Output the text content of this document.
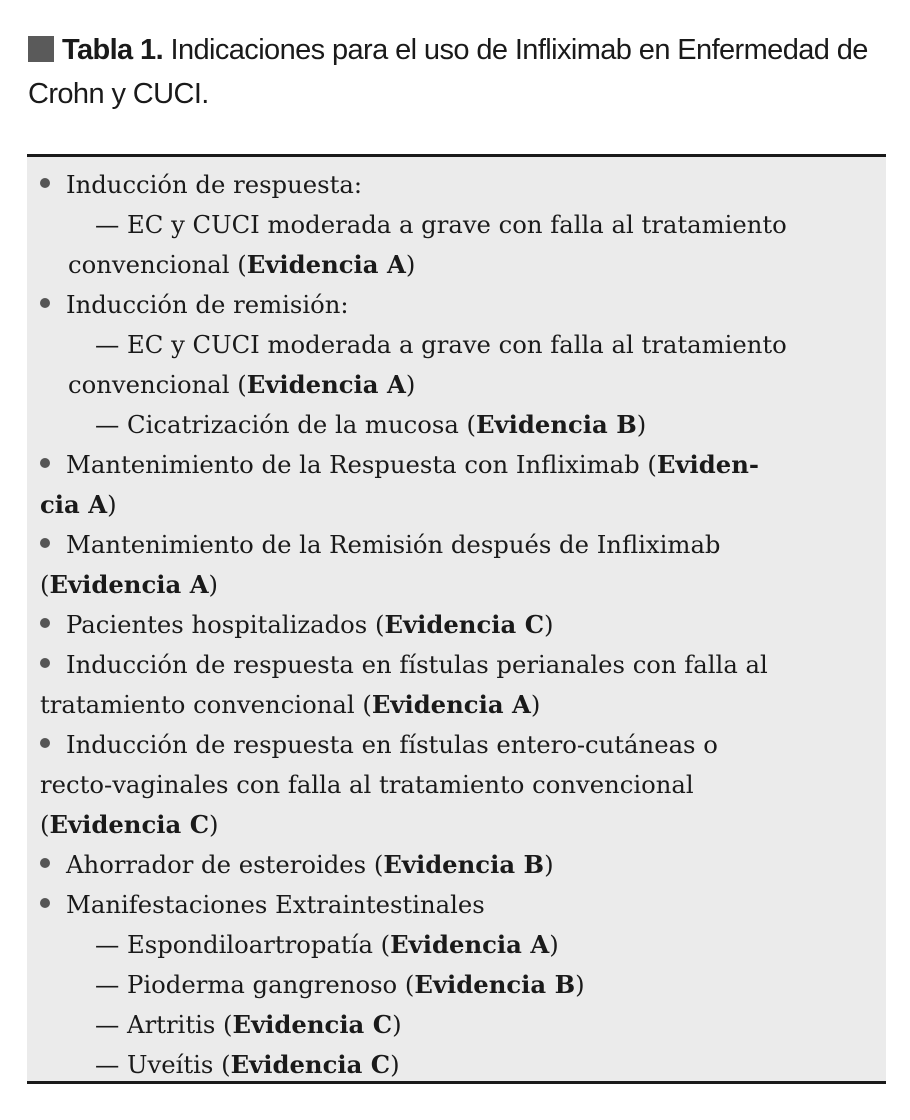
Tabla 1. Indicaciones para el uso de Infliximab en Enfermedad de Crohn y CUCI.
Inducción de respuesta:
— EC y CUCI moderada a grave con falla al tratamiento
convencional (Evidencia A)
Inducción de remisión:
— EC y CUCI moderada a grave con falla al tratamiento
convencional (Evidencia A)
— Cicatrización de la mucosa (Evidencia B)
Mantenimiento de la Respuesta con Infliximab (Eviden-
cia A)
Mantenimiento de la Remisión después de Infliximab
(Evidencia A)
Pacientes hospitalizados (Evidencia C)
Inducción de respuesta en fístulas perianales con falla al
tratamiento convencional (Evidencia A)
Inducción de respuesta en fístulas entero-cutáneas o
recto-vaginales con falla al tratamiento convencional
(Evidencia C)
Ahorrador de esteroides (Evidencia B)
Manifestaciones Extraintestinales
— Espondiloartropatía (Evidencia A)
— Pioderma gangrenoso (Evidencia B)
— Artritis (Evidencia C)
— Uveítis (Evidencia C)
